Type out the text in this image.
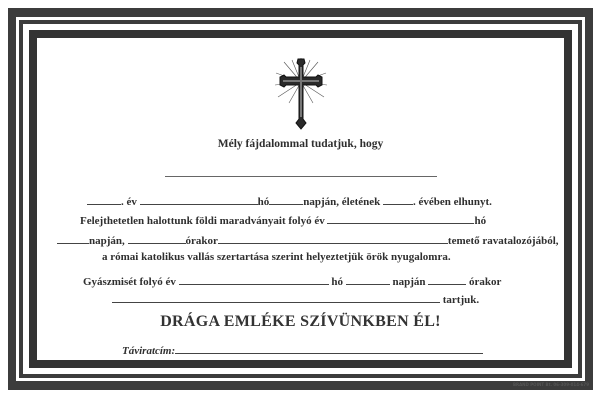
Mély fájdalommal tudatjuk, hogy
. év	hó	napján, életének	. évében elhunyt.
Felejthetetlen halottunk földi maradványait folyó év	hó
napján,	órakor	temető ravatalozójából,
a római katolikus vallás szertartása szerint helyeztetjük örök nyugalomra.
Gyászmisét folyó év	hó	napján	órakor
tartjuk.
DRÁGA EMLÉKE SZÍVÜNKBEN ÉL!
Táviratcím:
BRAND POINT Bt. 06-309-014-679
